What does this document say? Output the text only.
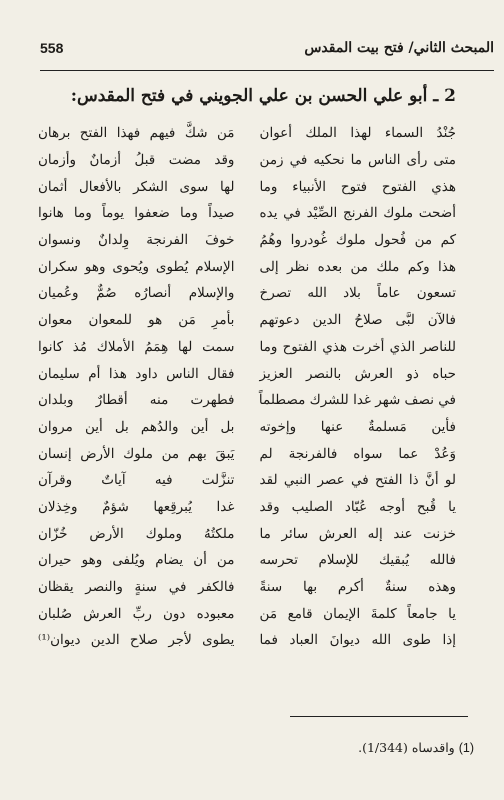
المبحث الثاني/ فتح بيت المقدس
558
2 ـ أبو علي الحسن بن علي الجويني في فتح المقدس:
جُنْدُ السماء لهذا الملك أعوان
مَن شكَّ فيهم فهذا الفتح برهان
متى رأى الناس ما نحكيه في زمن
وقد مضت قبلُ أزمانٌ وأزمان
هذي الفتوح فتوح الأنبياء وما
لها سوى الشكر بالأفعال أثمان
أضحت ملوك الفرنج الصِّيْد في يده
صيداً وما ضعفوا يوماً وما هانوا
كم من فُحول ملوك غُودروا وهُمُ
خوفَ الفرنجة وِلدانٌ ونسوان
هذا وكم ملك من بعده نظر إلى
الإسلام يُطوى ويُحوى وهو سكران
تسعون عاماً بلاد الله تصرخ
والإسلام أنصارُه صُمٌّ وعُميان
فالآن لبَّى صلاحُ الدين دعوتهم
بأمرِ مَن هو للمعوان معوان
للناصر الذي أخرت هذي الفتوح وما
سمت لها هِمَمُ الأملاك مُذ كانوا
حباه ذو العرش بالنصر العزيز
فقال الناس داود هذا أم سليمان
في نصف شهر غدا للشرك مصطلماً
فطهرت منه أقطارٌ وبلدان
فأين مَسلمةٌ عنها وإخوته
بل أين والدُهم بل أين مروان
وَعُدْ عما سواه فالفرنجة لم
يَبقَ بهم من ملوك الأرض إنسان
لو أنَّ ذا الفتح في عصر النبي لقد
تنزَّلت فيه آياتٌ وقرآن
يا قُبح أوجه عُبّاد الصليب وقد
غدا يُبرقِعها شؤمٌ وخِذلان
خزنت عند إله العرش سائر ما
ملكتُهُ وملوك الأرض خُزّان
فالله يُبقيك للإسلام تحرسه
من أن يضام ويُلفى وهو حيران
وهذه سنةٌ أكرم بها سنةً
فالكفر في سنةٍ والنصر يقظان
يا جامعاً كلمةَ الإيمان قامع مَن
معبوده دون ربِّ العرش صُلبان
إذا طوى الله ديوانَ العباد فما
يطوى لأجر صلاح الدين ديوان⁽¹⁾
(1) واقدساه (1/344).
